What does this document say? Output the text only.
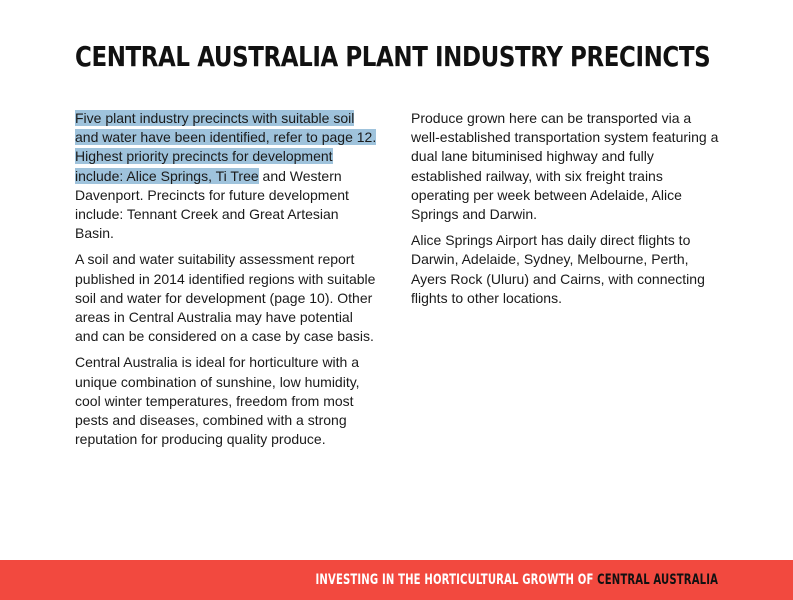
CENTRAL AUSTRALIA PLANT INDUSTRY PRECINCTS

Five plant industry precincts with suitable soil and water have been identified, refer to page 12. Highest priority precincts for development include: Alice Springs, Ti Tree and Western Davenport. Precincts for future development include: Tennant Creek and Great Artesian Basin.

A soil and water suitability assessment report published in 2014 identified regions with suitable soil and water for development (page 10). Other areas in Central Australia may have potential and can be considered on a case by case basis.

Central Australia is ideal for horticulture with a unique combination of sunshine, low humidity, cool winter temperatures, freedom from most pests and diseases, combined with a strong reputation for producing quality produce.

Produce grown here can be transported via a well-established transportation system featuring a dual lane bituminised highway and fully established railway, with six freight trains operating per week between Adelaide, Alice Springs and Darwin.

Alice Springs Airport has daily direct flights to Darwin, Adelaide, Sydney, Melbourne, Perth, Ayers Rock (Uluru) and Cairns, with connecting flights to other locations.

INVESTING IN THE HORTICULTURAL GROWTH OF CENTRAL AUSTRALIA
